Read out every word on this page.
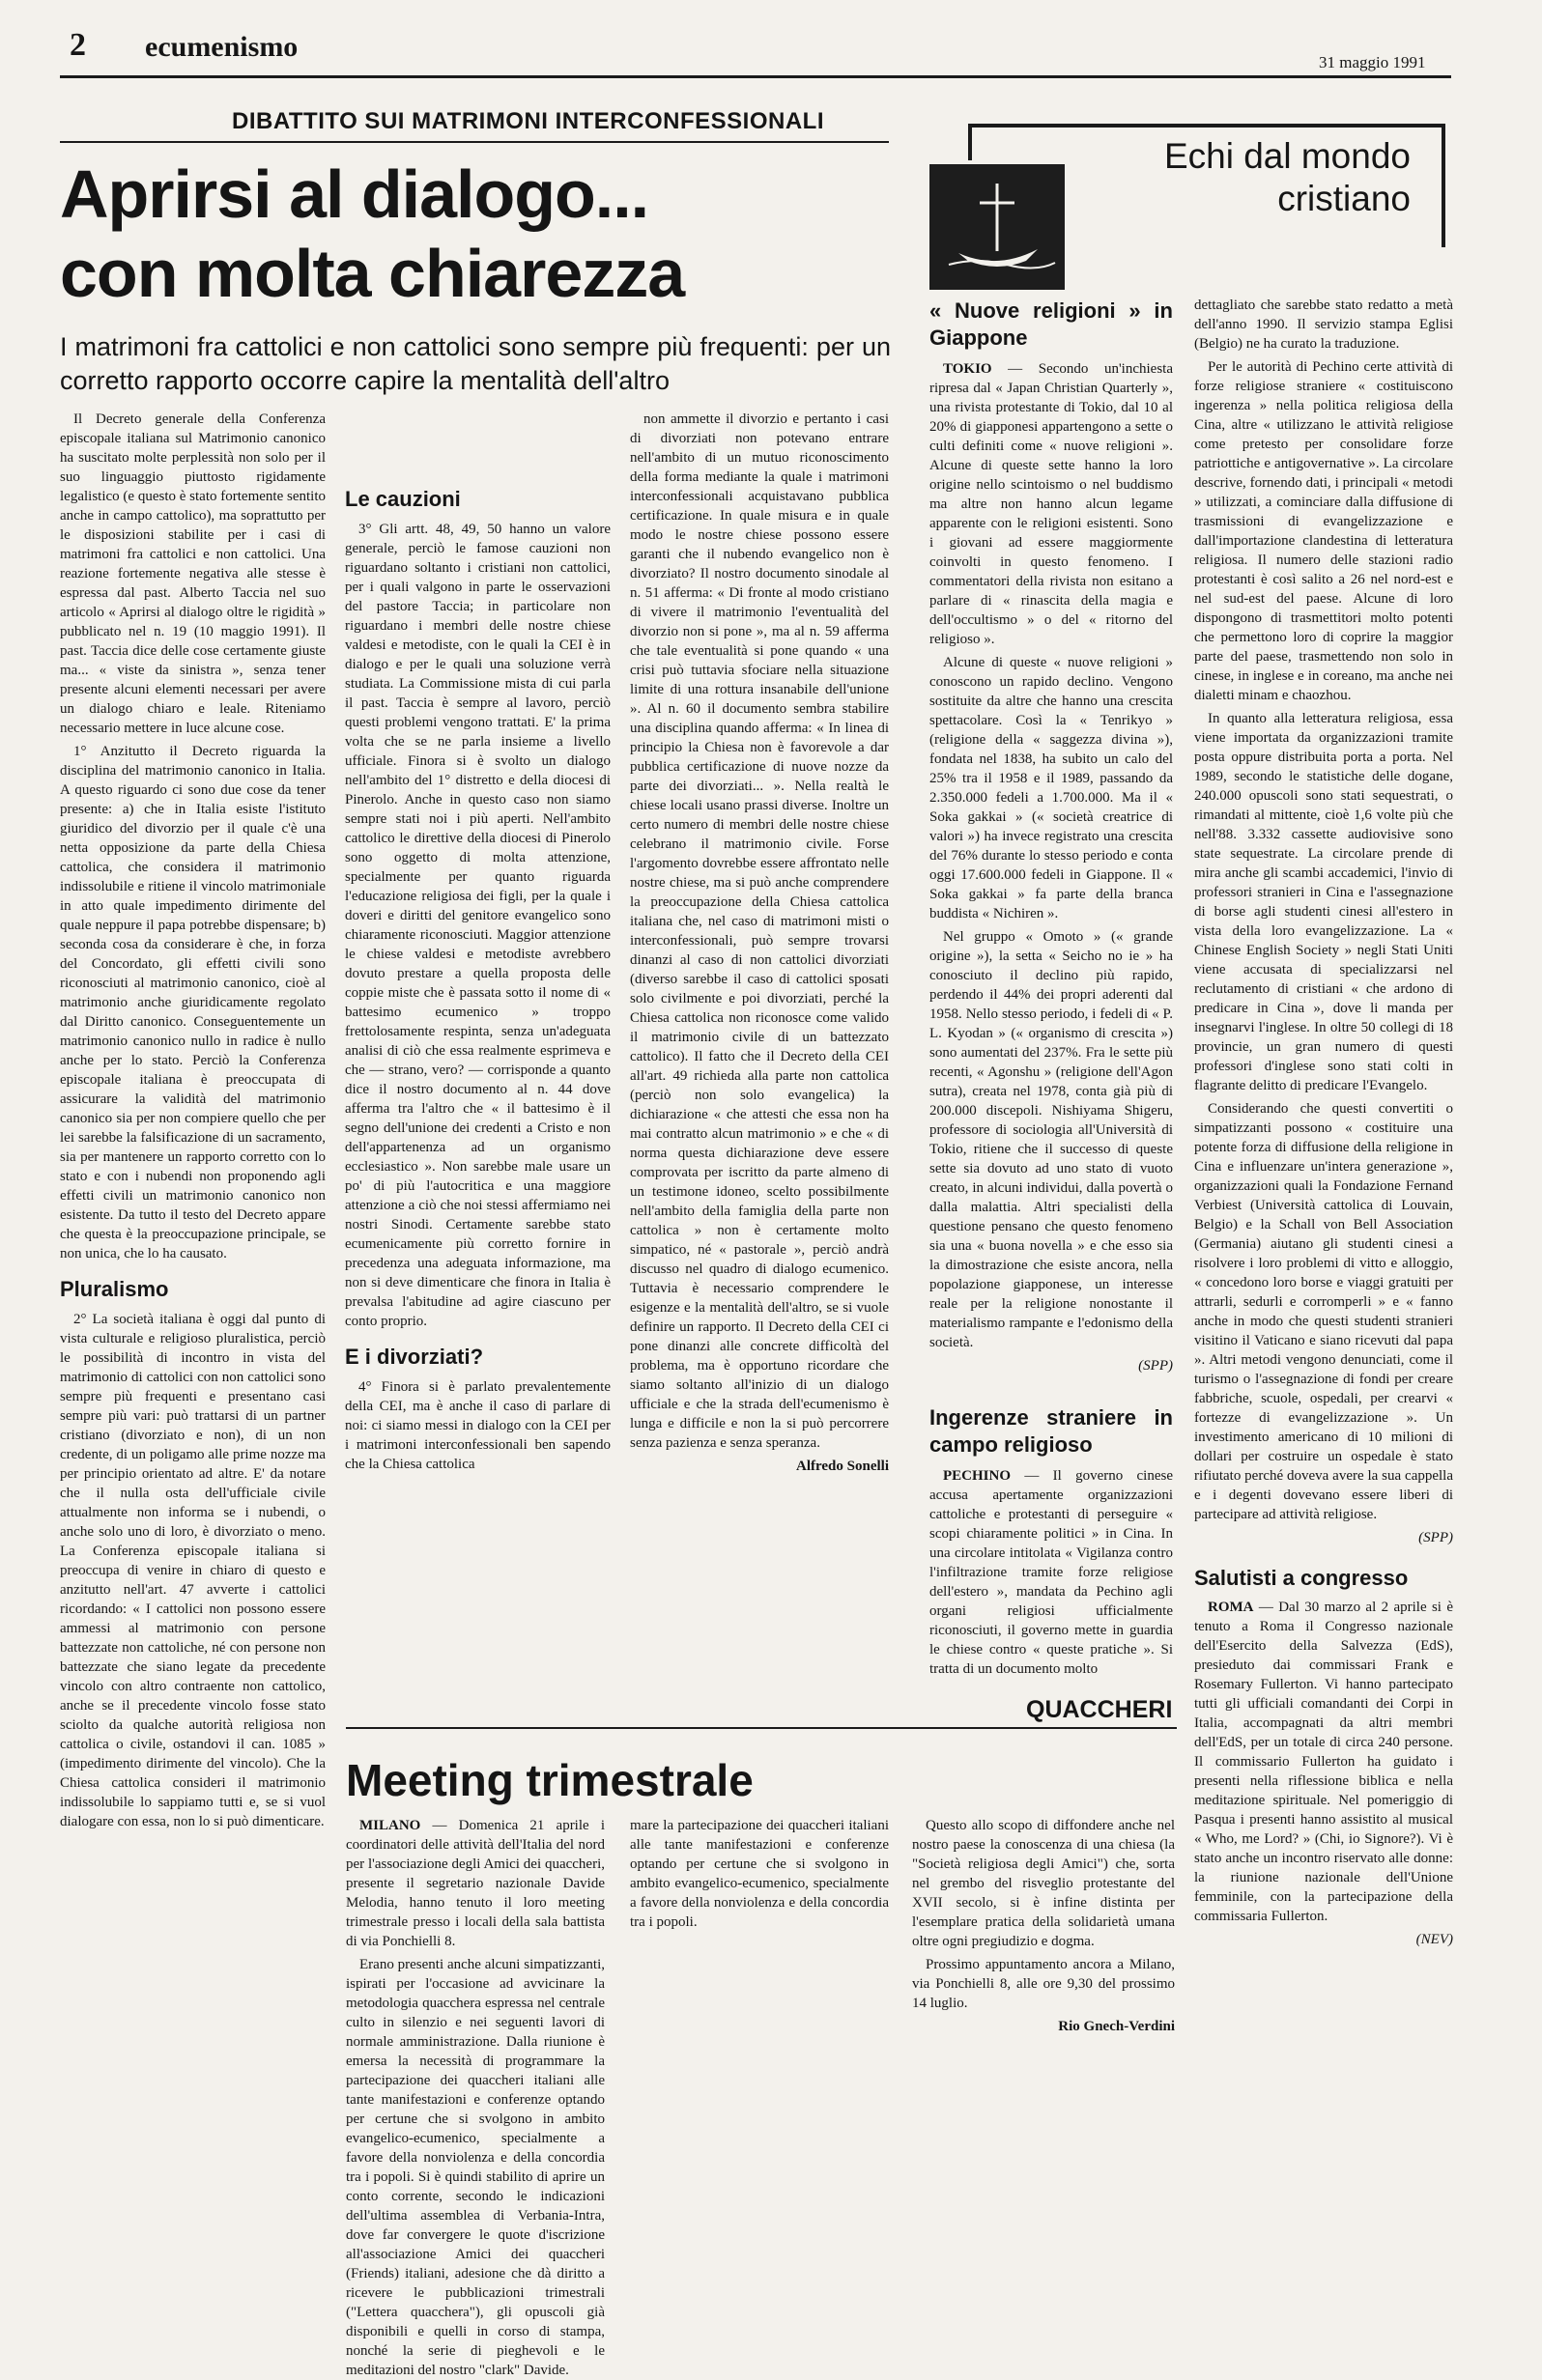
2 ecumenismo	31 maggio 1991
DIBATTITO SUI MATRIMONI INTERCONFESSIONALI
Aprirsi al dialogo...
con molta chiarezza
I matrimoni fra cattolici e non cattolici sono sempre più frequenti: per un corretto rapporto occorre capire la mentalità dell'altro

Il Decreto generale della Conferenza episcopale italiana sul Matrimonio canonico ha suscitato molte perplessità non solo per il suo linguaggio piuttosto rigidamente legalistico (e questo è stato fortemente sentito anche in campo cattolico), ma soprattutto per le disposizioni stabilite per i casi di matrimoni fra cattolici e non cattolici. Una reazione fortemente negativa alle stesse è espressa dal past. Alberto Taccia nel suo articolo « Aprirsi al dialogo oltre le rigidità » pubblicato nel n. 19 (10 maggio 1991). Il past. Taccia dice delle cose certamente giuste ma... « viste da sinistra », senza tener presente alcuni elementi necessari per avere un dialogo chiaro e leale. Riteniamo necessario mettere in luce alcune cose.

1° Anzitutto il Decreto riguarda la disciplina del matrimonio canonico in Italia. A questo riguardo ci sono due cose da tener presente: a) che in Italia esiste l'istituto giuridico del divorzio per il quale c'è una netta opposizione da parte della Chiesa cattolica, che considera il matrimonio indissolubile e ritiene il vincolo matrimoniale in atto quale impedimento dirimente del quale neppure il papa potrebbe dispensare; b) seconda cosa da considerare è che, in forza del Concordato, gli effetti civili sono riconosciuti al matrimonio canonico, cioè al matrimonio anche giuridicamente regolato dal Diritto canonico. Conseguentemente un matrimonio canonico nullo in radice è nullo anche per lo stato. Perciò la Conferenza episcopale italiana è preoccupata di assicurare la validità del matrimonio canonico sia per non compiere quello che per lei sarebbe la falsificazione di un sacramento, sia per mantenere un rapporto corretto con lo stato e con i nubendi non proponendo agli effetti civili un matrimonio canonico non esistente. Da tutto il testo del Decreto appare che questa è la preoccupazione principale, se non unica, che lo ha causato.

Pluralismo

2° La società italiana è oggi dal punto di vista culturale e religioso pluralistica, perciò le possibilità di incontro in vista del matrimonio di cattolici con non cattolici sono sempre più frequenti e presentano casi sempre più vari: può trattarsi di un partner cristiano (divorziato e non), di un non credente, di un poligamo alle prime nozze ma per principio orientato ad altre. E' da notare che il nulla osta dell'ufficiale civile attualmente non informa se i nubendi, o anche solo uno di loro, è divorziato o meno. La Conferenza episcopale italiana si preoccupa di venire in chiaro di questo e anzitutto nell'art. 47 avverte i cattolici ricordando: « I cattolici non possono essere ammessi al matrimonio con persone battezzate non cattoliche, né con persone non battezzate che siano legate da precedente vincolo con altro contraente non cattolico, anche se il precedente vincolo fosse stato sciolto da qualche autorità religiosa non cattolica o civile, ostandovi il can. 1085 » (impedimento dirimente del vincolo). Che la Chiesa cattolica consideri il matrimonio indissolubile lo sappiamo tutti e, se si vuol dialogare con essa, non lo si può dimenticare.

Le cauzioni

3° Gli artt. 48, 49, 50 hanno un valore generale, perciò le famose cauzioni non riguardano soltanto i cristiani non cattolici, per i quali valgono in parte le osservazioni del pastore Taccia; in particolare non riguardano i membri delle nostre chiese valdesi e metodiste, con le quali la CEI è in dialogo e per le quali una soluzione verrà studiata. La Commissione mista di cui parla il past. Taccia è sempre al lavoro, perciò questi problemi vengono trattati. E' la prima volta che se ne parla insieme a livello ufficiale. Finora si è svolto un dialogo nell'ambito del 1° distretto e della diocesi di Pinerolo. Anche in questo caso non siamo sempre stati noi i più aperti. Nell'ambito cattolico le direttive della diocesi di Pinerolo sono oggetto di molta attenzione, specialmente per quanto riguarda l'educazione religiosa dei figli, per la quale i doveri e diritti del genitore evangelico sono chiaramente riconosciuti. Maggior attenzione le chiese valdesi e metodiste avrebbero dovuto prestare a quella proposta delle coppie miste che è passata sotto il nome di « battesimo ecumenico » troppo frettolosamente respinta, senza un'adeguata analisi di ciò che essa realmente esprimeva e che — strano, vero? — corrisponde a quanto dice il nostro documento al n. 44 dove afferma tra l'altro che « il battesimo è il segno dell'unione dei credenti a Cristo e non dell'appartenenza ad un organismo ecclesiastico ». Non sarebbe male usare un po' di più l'autocritica e una maggiore attenzione a ciò che noi stessi affermiamo nei nostri Sinodi. Certamente sarebbe stato ecumenicamente più corretto fornire in precedenza una adeguata informazione, ma non si deve dimenticare che finora in Italia è prevalsa l'abitudine ad agire ciascuno per conto proprio.

E i divorziati?

4° Finora si è parlato prevalentemente della CEI, ma è anche il caso di parlare di noi: ci siamo messi in dialogo con la CEI per i matrimoni interconfessionali ben sapendo che la Chiesa cattolica

non ammette il divorzio e pertanto i casi di divorziati non potevano entrare nell'ambito di un mutuo riconoscimento della forma mediante la quale i matrimoni interconfessionali acquistavano pubblica certificazione. In quale misura e in quale modo le nostre chiese possono essere garanti che il nubendo evangelico non è divorziato? Il nostro documento sinodale al n. 51 afferma: « Di fronte al modo cristiano di vivere il matrimonio l'eventualità del divorzio non si pone », ma al n. 59 afferma che tale eventualità si pone quando « una crisi può tuttavia sfociare nella situazione limite di una rottura insanabile dell'unione ». Al n. 60 il documento sembra stabilire una disciplina quando afferma: « In linea di principio la Chiesa non è favorevole a dar pubblica certificazione di nuove nozze da parte dei divorziati... ». Nella realtà le chiese locali usano prassi diverse. Inoltre un certo numero di membri delle nostre chiese celebrano il matrimonio civile. Forse l'argomento dovrebbe essere affrontato nelle nostre chiese, ma si può anche comprendere la preoccupazione della Chiesa cattolica italiana che, nel caso di matrimoni misti o interconfessionali, può sempre trovarsi dinanzi al caso di non cattolici divorziati (diverso sarebbe il caso di cattolici sposati solo civilmente e poi divorziati, perché la Chiesa cattolica non riconosce come valido il matrimonio civile di un battezzato cattolico). Il fatto che il Decreto della CEI all'art. 49 richieda alla parte non cattolica (perciò non solo evangelica) la dichiarazione « che attesti che essa non ha mai contratto alcun matrimonio » e che « di norma questa dichiarazione deve essere comprovata per iscritto da parte almeno di un testimone idoneo, scelto possibilmente nell'ambito della famiglia della parte non cattolica » non è certamente molto simpatico, né « pastorale », perciò andrà discusso nel quadro di dialogo ecumenico. Tuttavia è necessario comprendere le esigenze e la mentalità dell'altro, se si vuole definire un rapporto. Il Decreto della CEI ci pone dinanzi alle concrete difficoltà del problema, ma è opportuno ricordare che siamo soltanto all'inizio di un dialogo ufficiale e che la strada dell'ecumenismo è lunga e difficile e non la si può percorrere senza pazienza e senza speranza.

Alfredo Sonelli
Echi dal mondo
cristiano
« Nuove religioni » in Giappone

TOKIO — Secondo un'inchiesta ripresa dal « Japan Christian Quarterly », una rivista protestante di Tokio, dal 10 al 20% di giapponesi appartengono a sette o culti definiti come « nuove religioni ». Alcune di queste sette hanno la loro origine nello scintoismo o nel buddismo ma altre non hanno alcun legame apparente con le religioni esistenti. Sono i giovani ad essere maggiormente coinvolti in questo fenomeno. I commentatori della rivista non esitano a parlare di « rinascita della magia e dell'occultismo » o del « ritorno del religioso ».

Alcune di queste « nuove religioni » conoscono un rapido declino. Vengono sostituite da altre che hanno una crescita spettacolare. Così la « Tenrikyo » (religione della « saggezza divina »), fondata nel 1838, ha subito un calo del 25% tra il 1958 e il 1989, passando da 2.350.000 fedeli a 1.700.000. Ma il « Soka gakkai » (« società creatrice di valori ») ha invece registrato una crescita del 76% durante lo stesso periodo e conta oggi 17.600.000 fedeli in Giappone. Il « Soka gakkai » fa parte della branca buddista « Nichiren ».

Nel gruppo « Omoto » (« grande origine »), la setta « Seicho no ie » ha conosciuto il declino più rapido, perdendo il 44% dei propri aderenti dal 1958. Nello stesso periodo, i fedeli di « P. L. Kyodan » (« organismo di crescita ») sono aumentati del 237%. Fra le sette più recenti, « Agonshu » (religione dell'Agon sutra), creata nel 1978, conta già più di 200.000 discepoli. Nishiyama Shigeru, professore di sociologia all'Università di Tokio, ritiene che il successo di queste sette sia dovuto ad uno stato di vuoto creato, in alcuni individui, dalla povertà o dalla malattia. Altri specialisti della questione pensano che questo fenomeno sia una « buona novella » e che esso sia la dimostrazione che esiste ancora, nella popolazione giapponese, un interesse reale per la religione nonostante il materialismo rampante e l'edonismo della società.

(SPP)
Ingerenze straniere in campo religioso

PECHINO — Il governo cinese accusa apertamente organizzazioni cattoliche e protestanti di perseguire « scopi chiaramente politici » in Cina. In una circolare intitolata « Vigilanza contro l'infiltrazione tramite forze religiose dell'estero », mandata da Pechino agli organi religiosi ufficialmente riconosciuti, il governo mette in guardia le chiese contro « queste pratiche ». Si tratta di un documento molto

dettagliato che sarebbe stato redatto a metà dell'anno 1990. Il servizio stampa Eglisi (Belgio) ne ha curato la traduzione.

Per le autorità di Pechino certe attività di forze religiose straniere « costituiscono ingerenza » nella politica religiosa della Cina, altre « utilizzano le attività religiose come pretesto per consolidare forze patriottiche e antigovernative ». La circolare descrive, fornendo dati, i principali « metodi » utilizzati, a cominciare dalla diffusione di trasmissioni di evangelizzazione e dall'importazione clandestina di letteratura religiosa. Il numero delle stazioni radio protestanti è così salito a 26 nel nord-est e nel sud-est del paese. Alcune di loro dispongono di trasmettitori molto potenti che permettono loro di coprire la maggior parte del paese, trasmettendo non solo in cinese, in inglese e in coreano, ma anche nei dialetti minam e chaozhou.

In quanto alla letteratura religiosa, essa viene importata da organizzazioni tramite posta oppure distribuita porta a porta. Nel 1989, secondo le statistiche delle dogane, 240.000 opuscoli sono stati sequestrati, o rimandati al mittente, cioè 1,6 volte più che nell'88. 3.332 cassette audiovisive sono state sequestrate. La circolare prende di mira anche gli scambi accademici, l'invio di professori stranieri in Cina e l'assegnazione di borse agli studenti cinesi all'estero in vista della loro evangelizzazione. La « Chinese English Society » negli Stati Uniti viene accusata di specializzarsi nel reclutamento di cristiani « che ardono di predicare in Cina », dove li manda per insegnarvi l'inglese. In oltre 50 collegi di 18 provincie, un gran numero di questi professori d'inglese sono stati colti in flagrante delitto di predicare l'Evangelo.

Considerando che questi convertiti o simpatizzanti possono « costituire una potente forza di diffusione della religione in Cina e influenzare un'intera generazione », organizzazioni quali la Fondazione Fernand Verbiest (Università cattolica di Louvain, Belgio) e la Schall von Bell Association (Germania) aiutano gli studenti cinesi a risolvere i loro problemi di vitto e alloggio, « concedono loro borse e viaggi gratuiti per attrarli, sedurli e corromperli » e « fanno anche in modo che questi studenti stranieri visitino il Vaticano e siano ricevuti dal papa ». Altri metodi vengono denunciati, come il turismo o l'assegnazione di fondi per creare fabbriche, scuole, ospedali, per crearvi « fortezze di evangelizzazione ». Un investimento americano di 10 milioni di dollari per costruire un ospedale è stato rifiutato perché doveva avere la sua cappella e i degenti dovevano essere liberi di partecipare ad attività religiose.

(SPP)
Salutisti a congresso

ROMA — Dal 30 marzo al 2 aprile si è tenuto a Roma il Congresso nazionale dell'Esercito della Salvezza (EdS), presieduto dai commissari Frank e Rosemary Fullerton. Vi hanno partecipato tutti gli ufficiali comandanti dei Corpi in Italia, accompagnati da altri membri dell'EdS, per un totale di circa 240 persone. Il commissario Fullerton ha guidato i presenti nella riflessione biblica e nella meditazione spirituale. Nel pomeriggio di Pasqua i presenti hanno assistito al musical « Who, me Lord? » (Chi, io Signore?). Vi è stato anche un incontro riservato alle donne: la riunione nazionale dell'Unione femminile, con la partecipazione della commissaria Fullerton.

(NEV)
QUACCHERI
Meeting trimestrale

MILANO — Domenica 21 aprile i coordinatori delle attività dell'Italia del nord per l'associazione degli Amici dei quaccheri, presente il segretario nazionale Davide Melodia, hanno tenuto il loro meeting trimestrale presso i locali della sala battista di via Ponchielli 8.

Erano presenti anche alcuni simpatizzanti, ispirati per l'occasione ad avvicinare la metodologia quacchera espressa nel centrale culto in silenzio e nei seguenti lavori di normale amministrazione. Dalla riunione è emersa la necessità di programmare la partecipazione dei quaccheri italiani alle tante manifestazioni e conferenze optando per certune che si svolgono in ambito evangelico-ecumenico, specialmente a favore della nonviolenza e della concordia tra i popoli. Si è quindi stabilito di aprire un conto corrente, secondo le indicazioni dell'ultima assemblea di Verbania-Intra, dove far convergere le quote d'iscrizione all'associazione Amici dei quaccheri (Friends) italiani, adesione che dà diritto a ricevere le pubblicazioni trimestrali ("Lettera quacchera"), gli opuscoli già disponibili e quelli in corso di stampa, nonché la serie di pieghevoli e le meditazioni del nostro "clark" Davide.

mare la partecipazione dei quaccheri italiani alle tante manifestazioni e conferenze optando per certune che si svolgono in ambito evangelico-ecumenico, specialmente a favore della nonviolenza e della concordia tra i popoli.

Questo allo scopo di diffondere anche nel nostro paese la conoscenza di una chiesa (la "Società religiosa degli Amici") che, sorta nel grembo del risveglio protestante del XVII secolo, si è infine distinta per l'esemplare pratica della solidarietà umana oltre ogni pregiudizio e dogma.

Prossimo appuntamento ancora a Milano, via Ponchielli 8, alle ore 9,30 del prossimo 14 luglio.

Rio Gnech-Verdini
